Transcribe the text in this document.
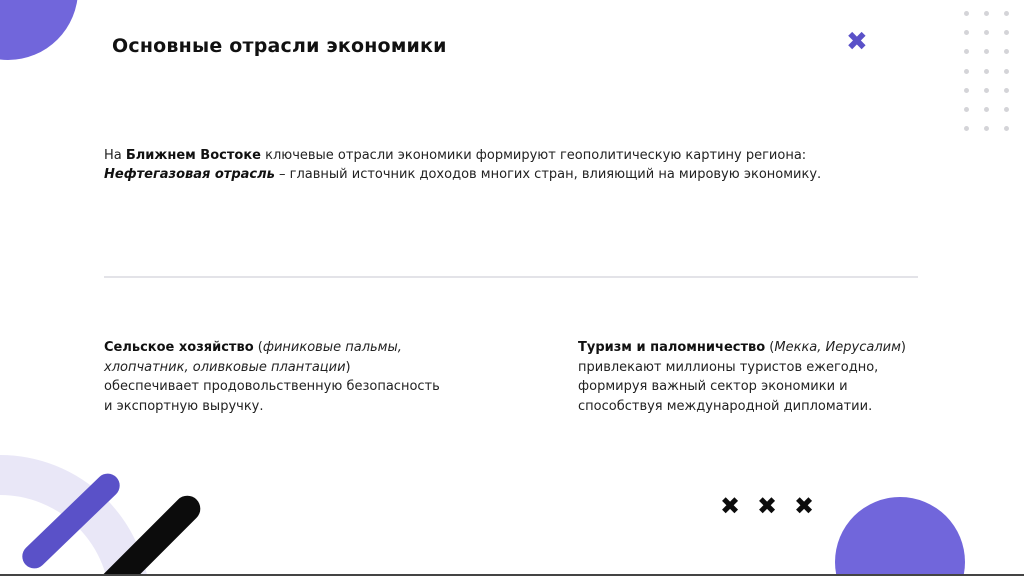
✖
✖ ✖ ✖
Основные отрасли экономики

На Ближнем Востоке ключевые отрасли экономики формируют геополитическую картину региона:

Нефтегазовая отрасль – главный источник доходов многих стран, влияющий на мировую экономику.

Сельское хозяйство (финиковые пальмы,

хлопчатник, оливковые плантации)

обеспечивает продовольственную безопасность

и экспортную выручку.

Туризм и паломничество (Мекка, Иерусалим)

привлекают миллионы туристов ежегодно,

формируя важный сектор экономики и

способствуя международной дипломатии.
